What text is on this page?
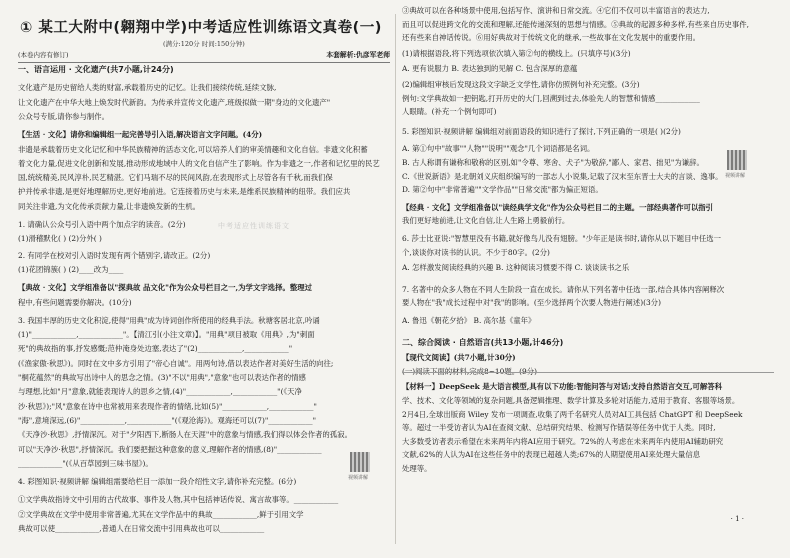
① 某工大附中(翱翔中学)中考适应性训练语文真卷(一)
(满分:120分 时间:150分钟)
(本卷内容有修订)	本套解析:仇彦军老师
一、语言运用 · 文化遗产(共7小题,计24分)
文化遗产是历史留给人类的财富,承载着历史的记忆。让我们接续传统,延续文脉,
让文化遗产在中华大地上焕发时代新韵。为传承并宣传文化遗产,班级拟做一期"身边的文化遗产"
公众号专版,请你参与制作。
【生活 · 文化】请你和编辑组一起完善导引入语,解决语言文字问题。(4分)
非遗是承载着历史文化记忆和中华民族精神的活态文化,可以培养人们的审美情趣和文化自信。非遗文化积蓄
着文化力量,促进文化创新和发展,推动形成地域中人的文化自信产生了影响。作为非遗之一,作者和记忆里的民艺
国,统统精美,民风淳朴,民艺精湛。它们马瑞不尽的民间风韵,在表现形式上尽管各有千秋,而我们保
护并传承非遗,是更好地理解历史,更好地前进。它连接着历史与未来,是维系民族精神的纽带。我们应共
同关注非遗,为文化传承贡献力量,让非遗焕发新的生机。
1. 请确认公众号引入语中两个加点字的读音。(2分)
(1)滑稽默化( ) (2)分外( )
2. 有同学在校对引入语时发现有两个错别字,请改正。(2分)
(1)花团锦簇( ) (2)____改为____
【典故 · 文化】文学组准备以"探典故 品文化"作为公众号栏目之一,为学文字选择。整理过
程中,有些问题需要你解决。(10分)
3. 我国丰厚的历史文化积淀,使得"用典"成为诗词创作所使用的经典手法。秋塘客居北京,吟诵
(1)"____________,____________"。【清江引(小注文章)】。"用典"项目被取《用典》,为"刺面
死"的典故指的事,抒发感慨;范仲淹身处边塞,表达了"(2)____________,____________"
(《渔家傲·秋思》)。同时在文中多方引用了"帝心自诚"。用两句诗,借以表达作者对美好生活的向往;
"桐花蕴然"的典故写出诗中人的思念之情。(3)"不以"用典","意象"也可以表达作者的情感
与理想,比如"月"意象,就能表现诗人的思乡之情,(4)"____________,____________"(《天净
沙·秋思》);"风"意象在诗中也常被用来表现作者的情绪,比如(5)"____________,____________"
"海",意境深远,(6)"____________,____________"(《观沧海》)。观海还可以(7)"____________"
《天净沙·秋思》,抒情深沉。对于"夕阳西下,断肠人在天涯"中的意象与情感,我们得以体会作者的孤寂。
可以"天净沙·秋思",抒情深沉。我们要把握这种意象的意义,理解作者的情感,(8)"____________
____________"(《从百草园到三味书屋》)。
4. 彩图知识·视频讲解 编辑组需要给栏目一添加一段介绍性文字,请你补充完整。(6分)
①文学典故指诗文中引用的古代故事、事件及人物,其中包括神话传说、寓言故事等。____________
②文学典故在文学中使用非常普遍,尤其在文学作品中的典故____________,鲜于引用文学
典故可以使____________,普通人在日常交流中引用典故也可以____________
中考适应性训练语文
视频讲解
③典故可以在各种场景中使用,包括写作、演讲和日常交流。④它们不仅可以丰富语言的表达力,
而且可以促进跨文化的交流和理解,还能传递深刻的思想与情感。⑤典故的起源多种多样,有些来自历史事件,
还有些来自神话传说。⑥用好典故对于传统文化的继承,一些故事在文化发展中的重要作用。
(1)请根据语段,将下列选项依次填入第②句的横线上。(只填序号)(3分)
A. 更有说服力 B. 表达独到的见解 C. 包含深厚的意蕴
(2)编辑组审核后发现这段文字缺乏文学性,请你仿照例句补充完整。(3分)
例句:文学典故如一把钥匙,打开历史的大门,回溯到过去,体验先人的智慧和情感____________
人眼睛。(补充一个例句即可)
5. 彩图知识·视频讲解 编辑组对前面语段的知识进行了探讨,下列正确的一项是( )(2分)
A. 第①句中"故事""人物""说明""观念"几个词语都是名词。
B. 古人称谓有谦称和敬称的区别,如"令尊、寒舍、犬子"为敬辞,"鄙人、家君、拙见"为谦辞。
C.《世说新语》是北朝刘义庆组织编写的一部志人小说集,记载了汉末至东晋士大夫的言谈、逸事。
D. 第②句中"非常普遍""文学作品""日常交流"都为偏正短语。
【经典 · 文化】文学组准备以"读经典学文化"作为公众号栏目二的主题。一部经典著作可以指引
我们更好地前进,让文化自信,让人生路上勇毅前行。
6. 莎士比亚说:"智慧里没有书籍,就好像鸟儿没有翅膀。"少年正是读书时,请你从以下题目中任选一
个,谈谈你对读书的认识。不少于80字。(2分)
A. 怎样激发阅读经典的兴趣 B. 这种阅读习惯要不得 C. 谈谈读书之乐
7. 名著中的众多人物在不同人生阶段一直在成长。请你从下列名著中任选一部,结合具体内容阐释次
要人物在"我"成长过程中对"我"的影响。(至少选择两个次要人物进行阐述)(3分)
A. 鲁迅《朝花夕拾》 B. 高尔基《童年》
二、综合阅读 · 自然语言(共13小题,计46分)
【现代文阅读】(共7小题,计30分)
【材料一】DeepSeek 是大语言模型,具有以下功能:智能问答与对话;支持自然语言交互,可解答科
学、技术、文化等领域的复杂问题,具备逻辑推理、数学计算及多轮对话能力,适用于教育、客服等场景。
2月4日,全球出版商 Wiley 发布一项调查,收集了两千名研究人员对AI工具包括 ChatGPT 和 DeepSeek
等。超过一半受访者认为AI在查阅文献、总结研究结果、检测写作错误等任务中优于人类。同时,
大多数受访者表示希望在未来两年内将AI应用于研究。72%的人考虑在未来两年内使用AI辅助研究
文献,62%的人认为AI在这些任务中的表现已超越人类;67%的人期望使用AI来处理大量信息
处理等。
视频讲解
· 1 ·
